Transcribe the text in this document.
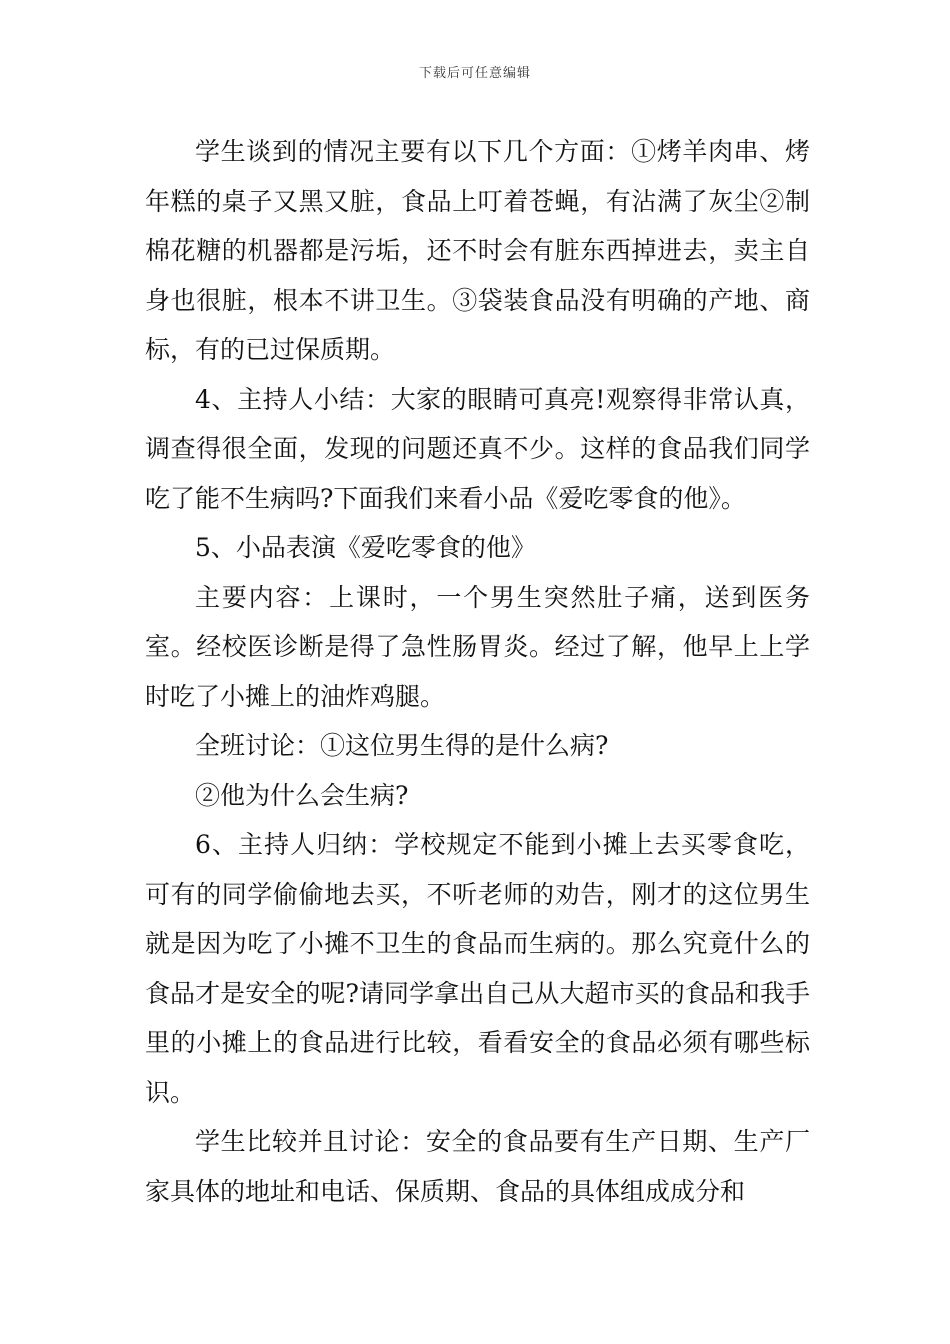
下载后可任意编辑

学生谈到的情况主要有以下几个方面：①烤羊肉串、烤年糕的桌子又黑又脏，食品上叮着苍蝇，有沾满了灰尘②制棉花糖的机器都是污垢，还不时会有脏东西掉进去，卖主自身也很脏，根本不讲卫生。③袋装食品没有明确的产地、商标，有的已过保质期。

4、主持人小结：大家的眼睛可真亮!观察得非常认真，调查得很全面，发现的问题还真不少。这样的食品我们同学吃了能不生病吗?下面我们来看小品《爱吃零食的他》。

5、小品表演《爱吃零食的他》

主要内容：上课时，一个男生突然肚子痛，送到医务室。经校医诊断是得了急性肠胃炎。经过了解，他早上上学时吃了小摊上的油炸鸡腿。

全班讨论：①这位男生得的是什么病?

②他为什么会生病?

6、主持人归纳：学校规定不能到小摊上去买零食吃，可有的同学偷偷地去买，不听老师的劝告，刚才的这位男生就是因为吃了小摊不卫生的食品而生病的。那么究竟什么的食品才是安全的呢?请同学拿出自己从大超市买的食品和我手里的小摊上的食品进行比较，看看安全的食品必须有哪些标识。

学生比较并且讨论：安全的食品要有生产日期、生产厂家具体的地址和电话、保质期、食品的具体组成成分和
